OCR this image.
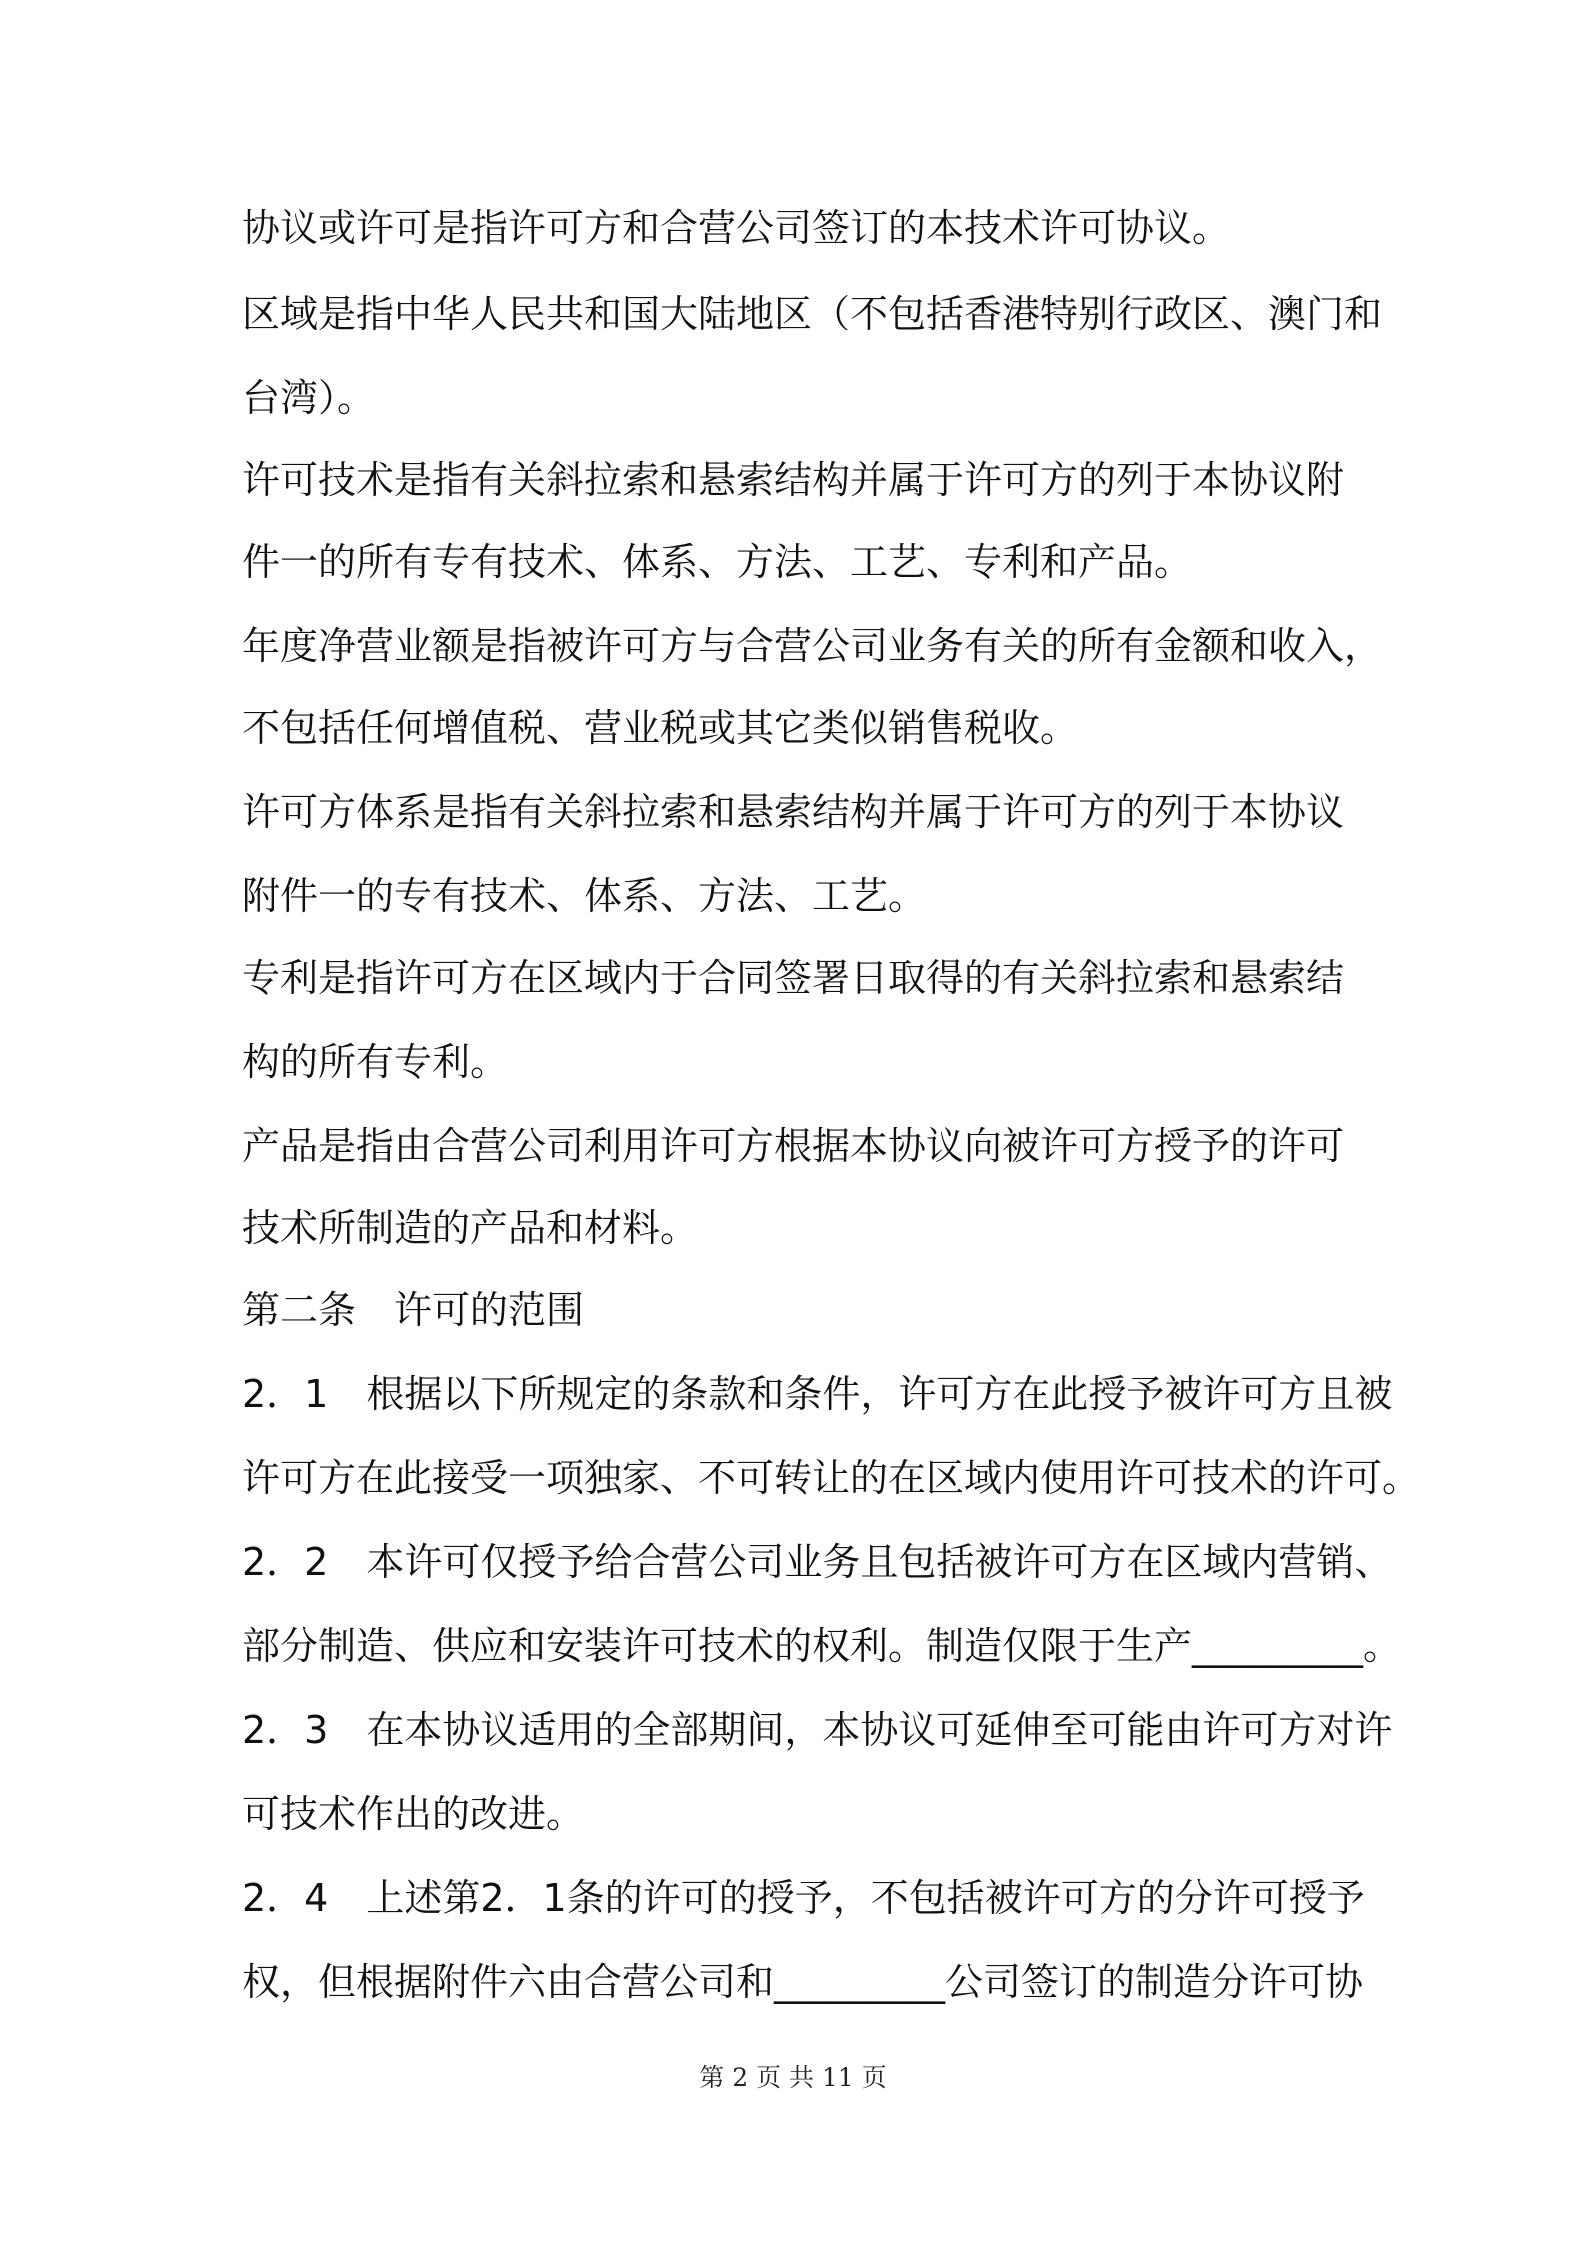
协议或许可是指许可方和合营公司签订的本技术许可协议。
区域是指中华人民共和国大陆地区（不包括香港特别行政区、澳门和
台湾）。
许可技术是指有关斜拉索和悬索结构并属于许可方的列于本协议附
件一的所有专有技术、体系、方法、工艺、专利和产品。
年度净营业额是指被许可方与合营公司业务有关的所有金额和收入，
不包括任何增值税、营业税或其它类似销售税收。
许可方体系是指有关斜拉索和悬索结构并属于许可方的列于本协议
附件一的专有技术、体系、方法、工艺。
专利是指许可方在区域内于合同签署日取得的有关斜拉索和悬索结
构的所有专利。
产品是指由合营公司利用许可方根据本协议向被许可方授予的许可
技术所制造的产品和材料。
第二条　许可的范围
2．1　根据以下所规定的条款和条件，许可方在此授予被许可方且被
许可方在此接受一项独家、不可转让的在区域内使用许可技术的许可。
2．2　本许可仅授予给合营公司业务且包括被许可方在区域内营销、
部分制造、供应和安装许可技术的权利。制造仅限于生产_________。
2．3　在本协议适用的全部期间，本协议可延伸至可能由许可方对许
可技术作出的改进。
2．4　上述第2．1条的许可的授予，不包括被许可方的分许可授予
权，但根据附件六由合营公司和_________公司签订的制造分许可协
第 2 页 共 11 页
